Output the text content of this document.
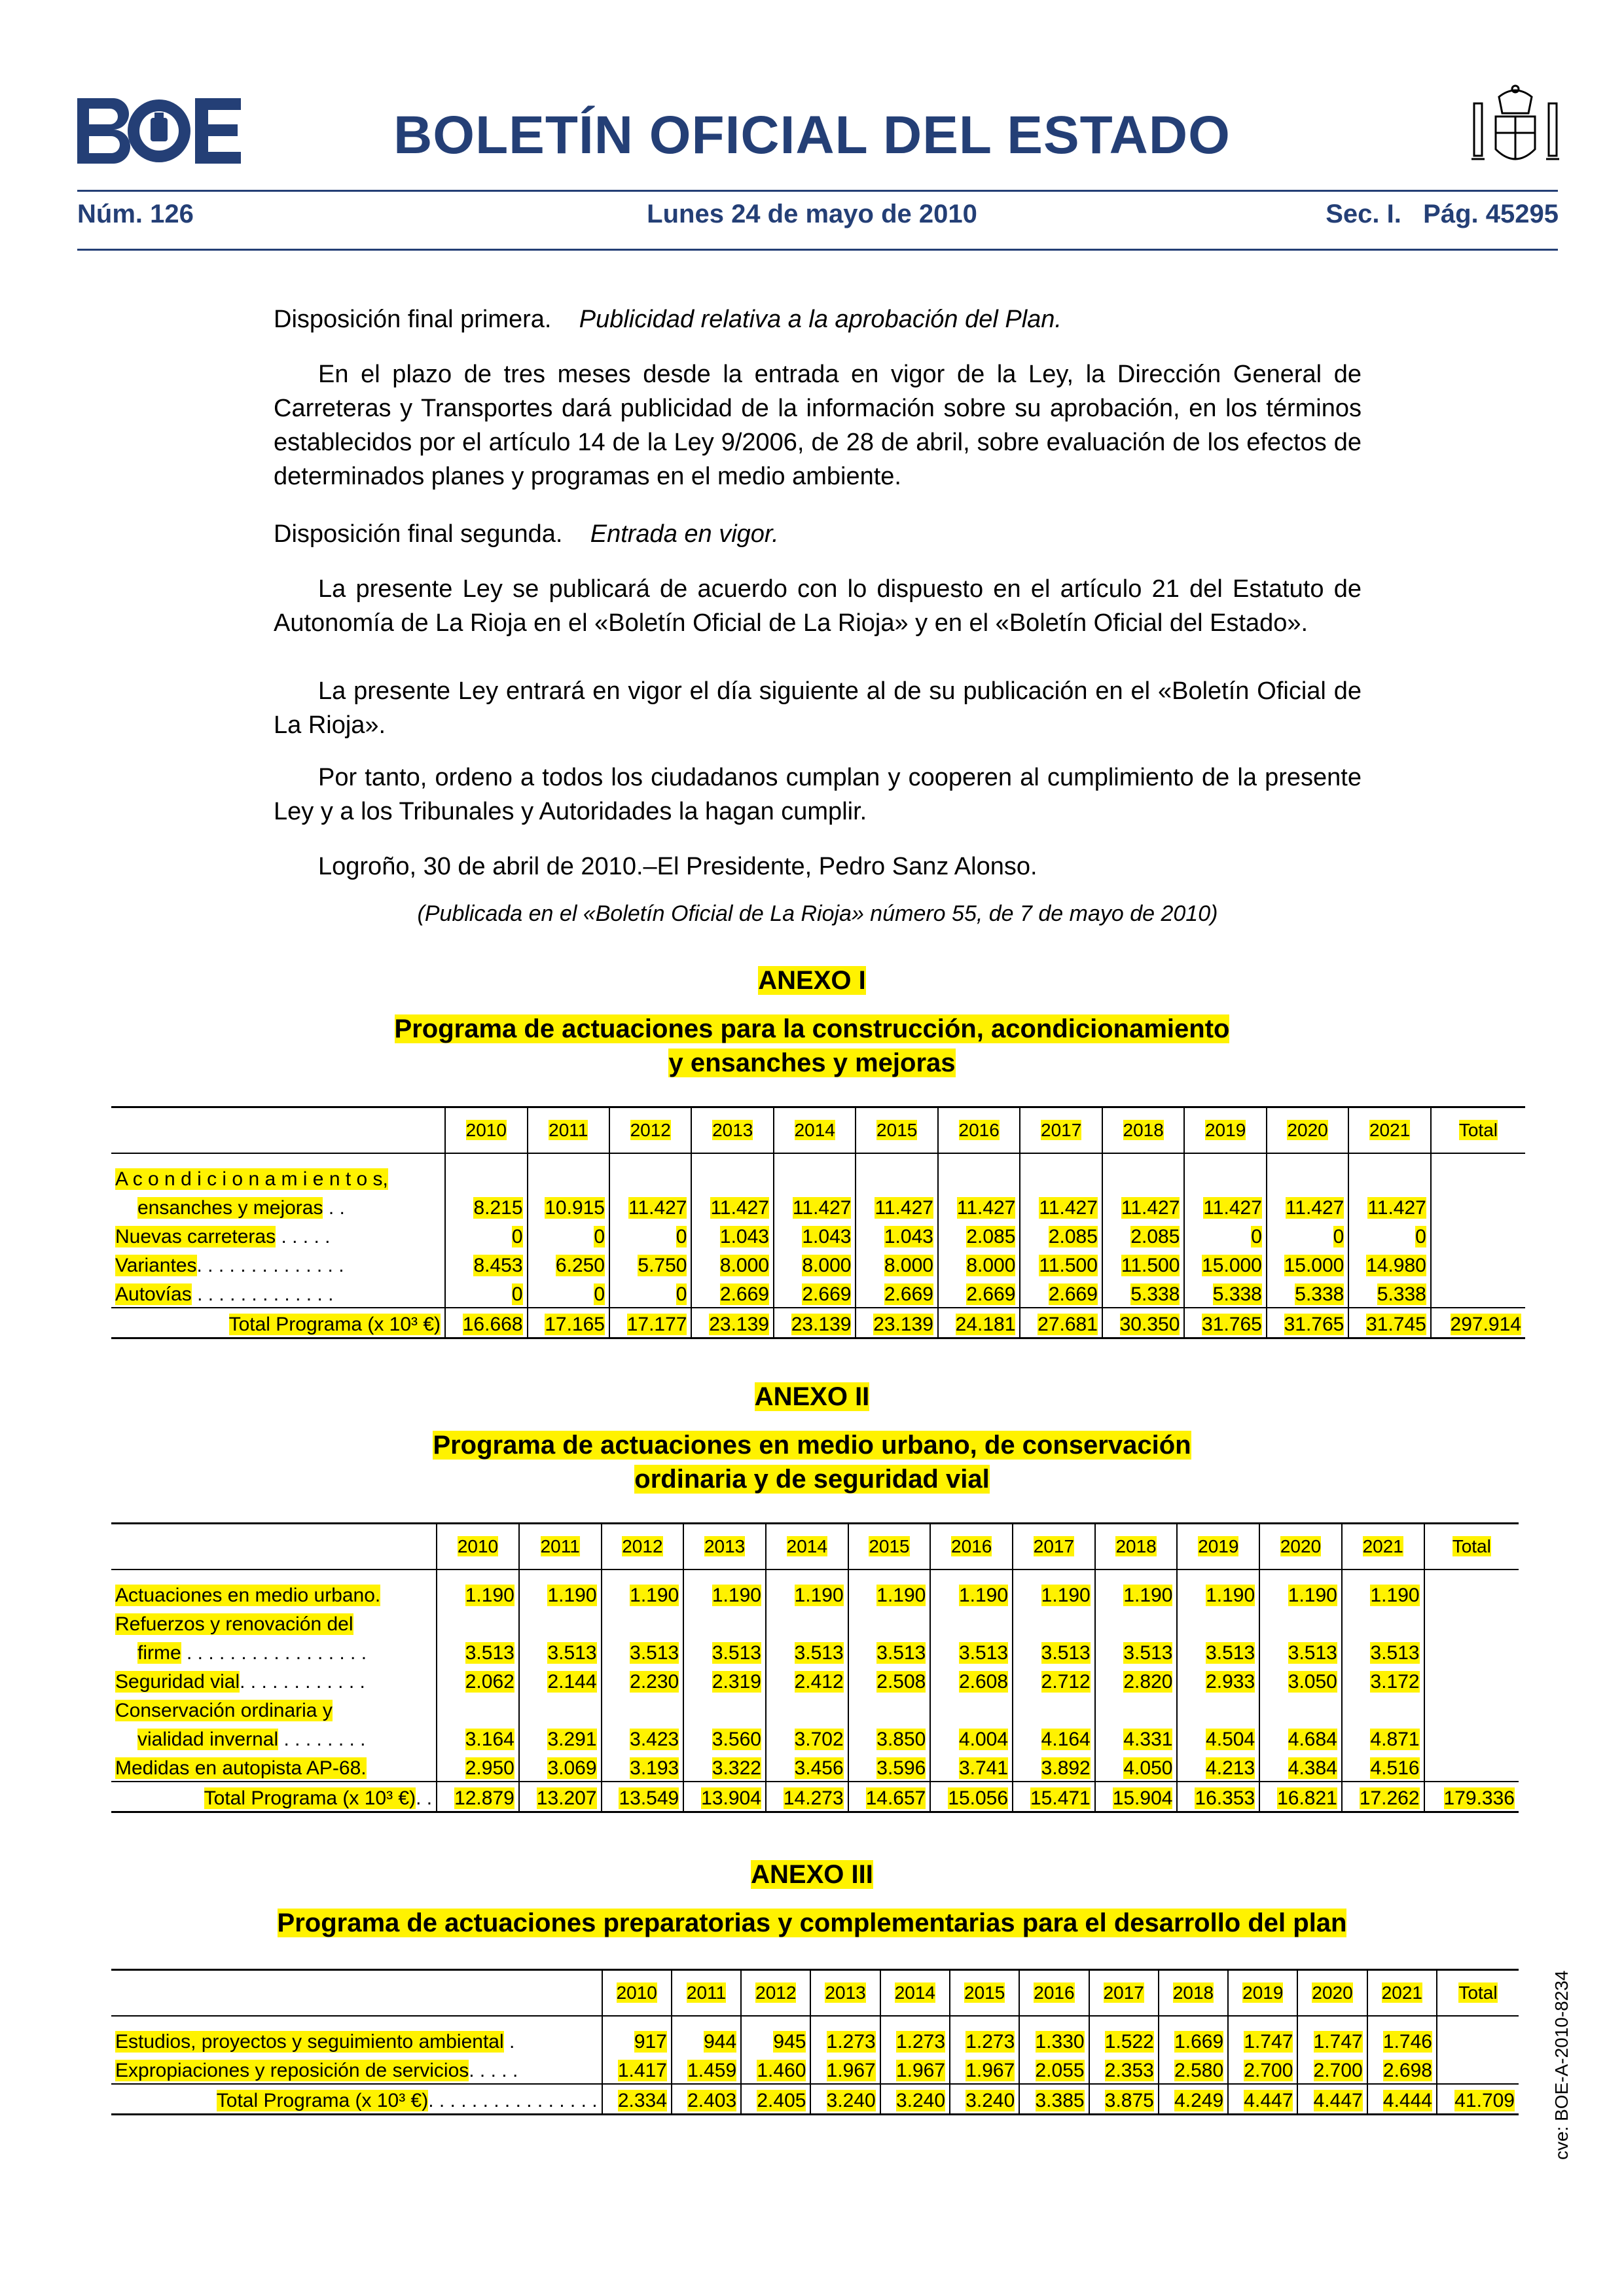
BOLETÍN OFICIAL DEL ESTADO
Núm. 126	Lunes 24 de mayo de 2010	Sec. I.   Pág. 45295
Disposición final primera. Publicidad relativa a la aprobación del Plan.
En el plazo de tres meses desde la entrada en vigor de la Ley, la Dirección General de Carreteras y Transportes dará publicidad de la información sobre su aprobación, en los términos establecidos por el artículo 14 de la Ley 9/2006, de 28 de abril, sobre evaluación de los efectos de determinados planes y programas en el medio ambiente.
Disposición final segunda. Entrada en vigor.
La presente Ley se publicará de acuerdo con lo dispuesto en el artículo 21 del Estatuto de Autonomía de La Rioja en el «Boletín Oficial de La Rioja» y en el «Boletín Oficial del Estado».
La presente Ley entrará en vigor el día siguiente al de su publicación en el «Boletín Oficial de La Rioja».
Por tanto, ordeno a todos los ciudadanos cumplan y cooperen al cumplimiento de la presente Ley y a los Tribunales y Autoridades la hagan cumplir.
Logroño, 30 de abril de 2010.–El Presidente, Pedro Sanz Alonso.
(Publicada en el «Boletín Oficial de La Rioja» número 55, de 7 de mayo de 2010)
ANEXO I
Programa de actuaciones para la construcción, acondicionamiento
y ensanches y mejoras
	2010	2011	2012	2013	2014	2015	2016	2017	2018	2019	2020	2021	Total

A c o n d i c i o n a m i e n t o s,													
ensanches y mejoras . .	8.215	10.915	11.427	11.427	11.427	11.427	11.427	11.427	11.427	11.427	11.427	11.427	
Nuevas carreteras . . . . .	0	0	0	1.043	1.043	1.043	2.085	2.085	2.085	0	0	0	
Variantes. . . . . . . . . . . . . .	8.453	6.250	5.750	8.000	8.000	8.000	8.000	11.500	11.500	15.000	15.000	14.980	
Autovías . . . . . . . . . . . . .	0	0	0	2.669	2.669	2.669	2.669	2.669	5.338	5.338	5.338	5.338	
Total Programa (x 10³ €)	16.668	17.165	17.177	23.139	23.139	23.139	24.181	27.681	30.350	31.765	31.765	31.745	297.914
ANEXO II
Programa de actuaciones en medio urbano, de conservación
ordinaria y de seguridad vial
	2010	2011	2012	2013	2014	2015	2016	2017	2018	2019	2020	2021	Total

Actuaciones en medio urbano.	1.190	1.190	1.190	1.190	1.190	1.190	1.190	1.190	1.190	1.190	1.190	1.190	
Refuerzos y renovación del													
firme . . . . . . . . . . . . . . . . .	3.513	3.513	3.513	3.513	3.513	3.513	3.513	3.513	3.513	3.513	3.513	3.513	
Seguridad vial. . . . . . . . . . . .	2.062	2.144	2.230	2.319	2.412	2.508	2.608	2.712	2.820	2.933	3.050	3.172	
Conservación ordinaria y													
vialidad invernal . . . . . . . .	3.164	3.291	3.423	3.560	3.702	3.850	4.004	4.164	4.331	4.504	4.684	4.871	
Medidas en autopista AP-68.	2.950	3.069	3.193	3.322	3.456	3.596	3.741	3.892	4.050	4.213	4.384	4.516	
Total Programa (x 10³ €). .	12.879	13.207	13.549	13.904	14.273	14.657	15.056	15.471	15.904	16.353	16.821	17.262	179.336
ANEXO III
Programa de actuaciones preparatorias y complementarias para el desarrollo del plan
	2010	2011	2012	2013	2014	2015	2016	2017	2018	2019	2020	2021	Total

Estudios, proyectos y seguimiento ambiental .	917	944	945	1.273	1.273	1.273	1.330	1.522	1.669	1.747	1.747	1.746	
Expropiaciones y reposición de servicios. . . . .	1.417	1.459	1.460	1.967	1.967	1.967	2.055	2.353	2.580	2.700	2.700	2.698	
Total Programa (x 10³ €). . . . . . . . . . . . . . . .	2.334	2.403	2.405	3.240	3.240	3.240	3.385	3.875	4.249	4.447	4.447	4.444	41.709 cve: BOE-A-2010-8234
